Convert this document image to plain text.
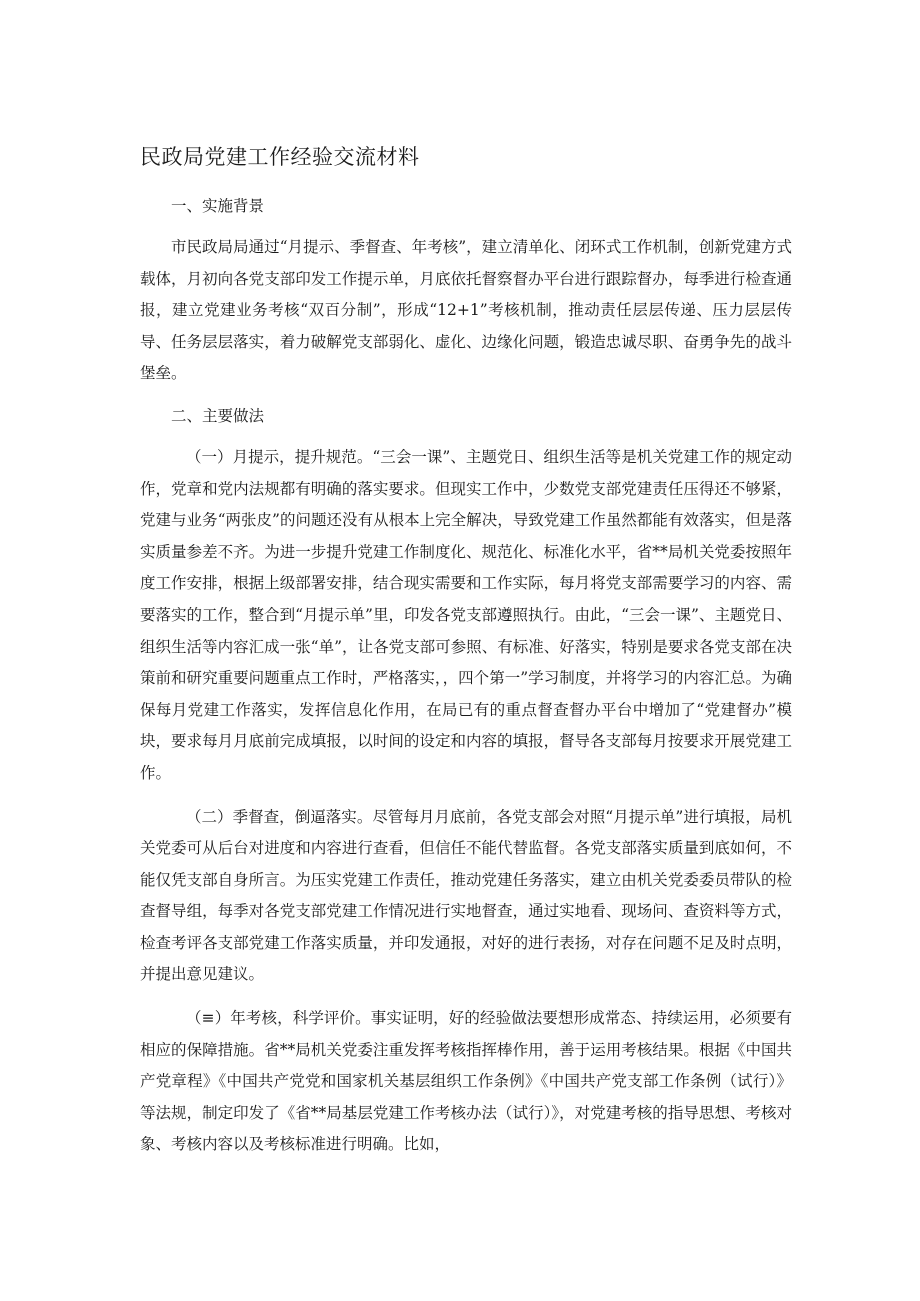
民政局党建工作经验交流材料
一、实施背景

市民政局局通过“月提示、季督查、年考核”，建立清单化、闭环式工作机制，创新党建方式载体，月初向各党支部印发工作提示单，月底依托督察督办平台进行跟踪督办，每季进行检查通报，建立党建业务考核“双百分制”，形成“12+1”考核机制，推动责任层层传递、压力层层传导、任务层层落实，着力破解党支部弱化、虚化、边缘化问题，锻造忠诚尽职、奋勇争先的战斗堡垒。

二、主要做法

（一）月提示，提升规范。“三会一课”、主题党日、组织生活等是机关党建工作的规定动作，党章和党内法规都有明确的落实要求。但现实工作中，少数党支部党建责任压得还不够紧，党建与业务“两张皮”的问题还没有从根本上完全解决，导致党建工作虽然都能有效落实，但是落实质量参差不齐。为进一步提升党建工作制度化、规范化、标准化水平，省**局机关党委按照年度工作安排，根据上级部署安排，结合现实需要和工作实际，每月将党支部需要学习的内容、需要落实的工作，整合到“月提示单”里，印发各党支部遵照执行。由此，“三会一课”、主题党日、组织生活等内容汇成一张“单”，让各党支部可参照、有标准、好落实，特别是要求各党支部在决策前和研究重要问题重点工作时，严格落实，，四个第一”学习制度，并将学习的内容汇总。为确保每月党建工作落实，发挥信息化作用，在局已有的重点督查督办平台中增加了“党建督办”模块，要求每月月底前完成填报，以时间的设定和内容的填报，督导各支部每月按要求开展党建工作。

（二）季督查，倒逼落实。尽管每月月底前，各党支部会对照“月提示单”进行填报，局机关党委可从后台对进度和内容进行查看，但信任不能代替监督。各党支部落实质量到底如何，不能仅凭支部自身所言。为压实党建工作责任，推动党建任务落实，建立由机关党委委员带队的检查督导组，每季对各党支部党建工作情况进行实地督查，通过实地看、现场问、查资料等方式，检查考评各支部党建工作落实质量，并印发通报，对好的进行表扬，对存在问题不足及时点明，并提出意见建议。

（≡）年考核，科学评价。事实证明，好的经验做法要想形成常态、持续运用，必须要有相应的保障措施。省**局机关党委注重发挥考核指挥棒作用，善于运用考核结果。根据《中国共产党章程》《中国共产党党和国家机关基层组织工作条例》《中国共产党支部工作条例（试行）》等法规，制定印发了《省**局基层党建工作考核办法（试行）》，对党建考核的指导思想、考核对象、考核内容以及考核标准进行明确。比如，
